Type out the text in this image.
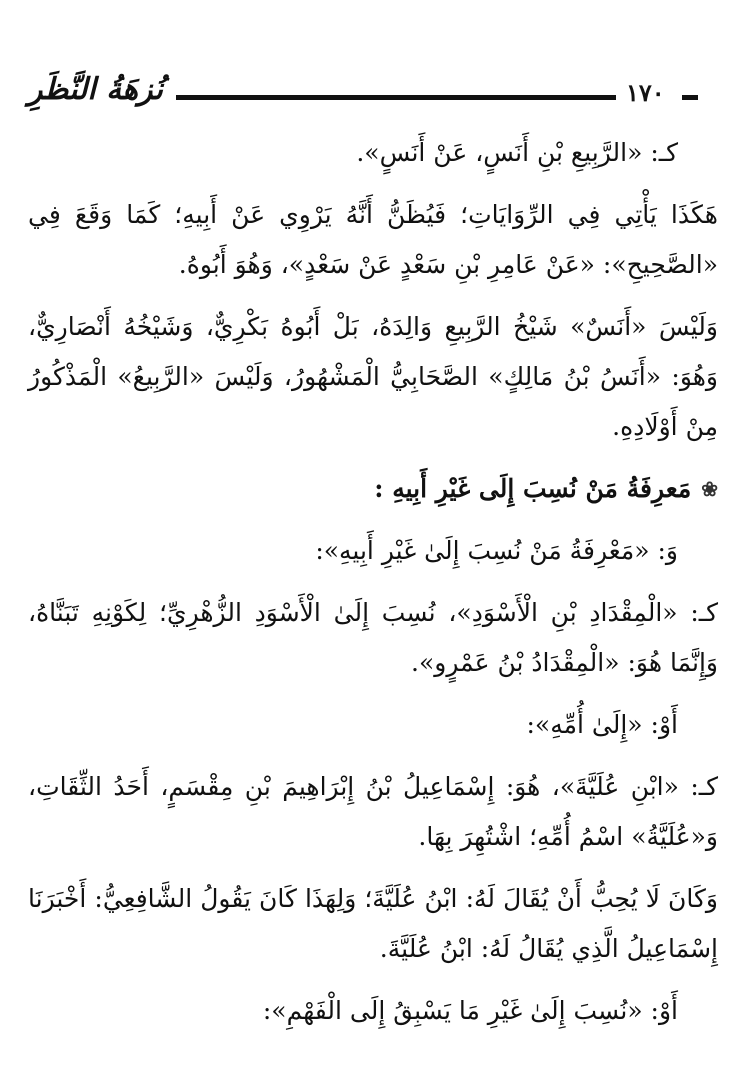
نُزهَةُ النَّظَرِ	١٧٠

كـ: «الرَّبِيعِ بْنِ أَنَسٍ، عَنْ أَنَسٍ».

هَكَذَا يَأْتِي فِي الرِّوَايَاتِ؛ فَيُظَنُّ أَنَّهُ يَرْوِي عَنْ أَبِيهِ؛ كَمَا وَقَعَ فِي «الصَّحِيحِ»: «عَنْ عَامِرِ بْنِ سَعْدٍ عَنْ سَعْدٍ»، وَهُوَ أَبُوهُ.

وَلَيْسَ «أَنَسٌ» شَيْخُ الرَّبِيعِ وَالِدَهُ، بَلْ أَبُوهُ بَكْرِيٌّ، وَشَيْخُهُ أَنْصَارِيٌّ، وَهُوَ: «أَنَسُ بْنُ مَالِكٍ» الصَّحَابِيُّ الْمَشْهُورُ، وَلَيْسَ «الرَّبِيعُ» الْمَذْكُورُ مِنْ أَوْلَادِهِ.

❀
مَعرِفَةُ مَنْ نُسِبَ إِلَى غَيْرِ أَبِيهِ :

وَ: «مَعْرِفَةُ مَنْ نُسِبَ إِلَىٰ غَيْرِ أَبِيهِ»:

كـ: «الْمِقْدَادِ بْنِ الْأَسْوَدِ»، نُسِبَ إِلَىٰ الْأَسْوَدِ الزُّهْرِيِّ؛ لِكَوْنِهِ تَبَنَّاهُ، وَإِنَّمَا هُوَ: «الْمِقْدَادُ بْنُ عَمْرٍو».

أَوْ: «إِلَىٰ أُمِّهِ»:

كـ: «ابْنِ عُلَيَّةَ»، هُوَ: إِسْمَاعِيلُ بْنُ إِبْرَاهِيمَ بْنِ مِقْسَمٍ، أَحَدُ الثِّقَاتِ، وَ«عُلَيَّةُ» اسْمُ أُمِّهِ؛ اشْتُهِرَ بِهَا.

وَكَانَ لَا يُحِبُّ أَنْ يُقَالَ لَهُ: ابْنُ عُلَيَّةَ؛ وَلِهَذَا كَانَ يَقُولُ الشَّافِعِيُّ: أَخْبَرَنَا إِسْمَاعِيلُ الَّذِي يُقَالُ لَهُ: ابْنُ عُلَيَّةَ.

أَوْ: «نُسِبَ إِلَىٰ غَيْرِ مَا يَسْبِقُ إِلَى الْفَهْمِ»:
